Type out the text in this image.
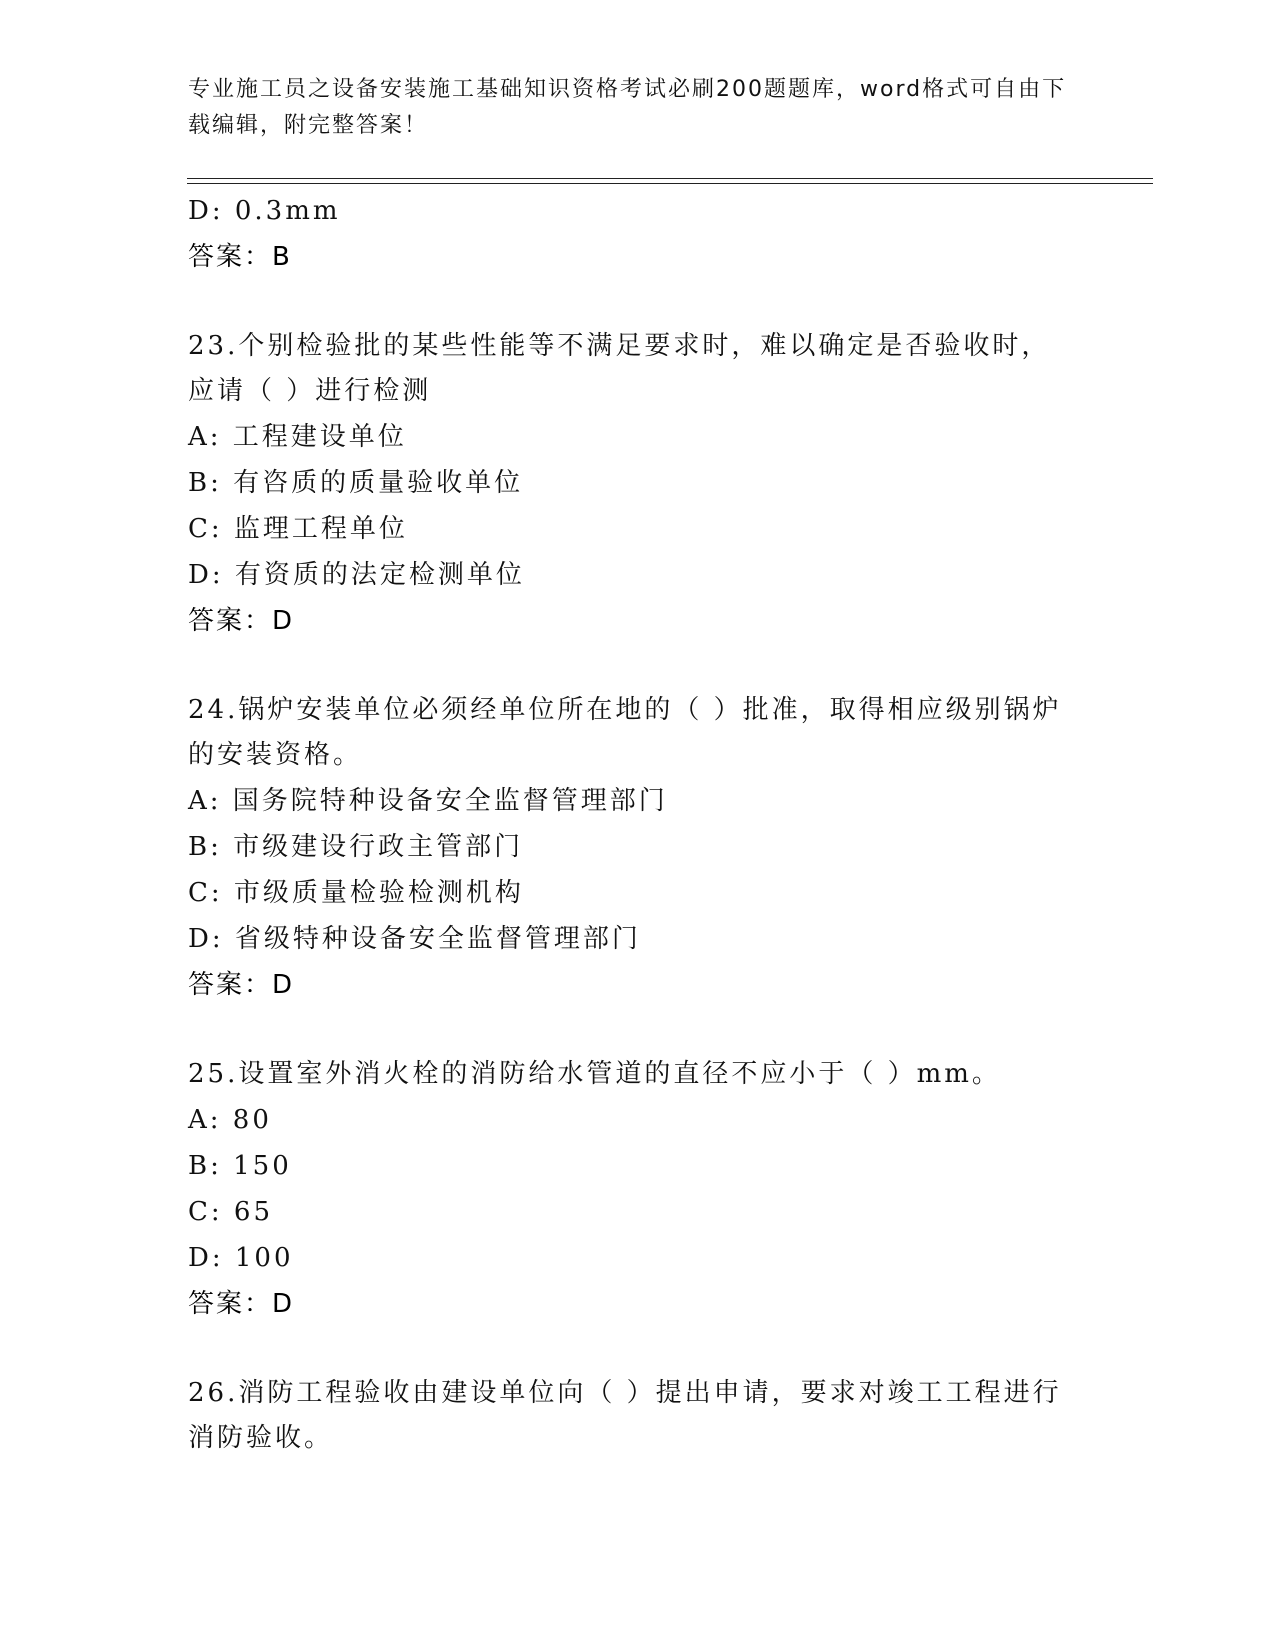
专业施工员之设备安装施工基础知识资格考试必刷200题题库，word格式可自由下载编辑，附完整答案！
D: 0.3mm
答案：B
23.个别检验批的某些性能等不满足要求时，难以确定是否验收时，应请（ ）进行检测
A: 工程建设单位
B: 有咨质的质量验收单位
C: 监理工程单位
D: 有资质的法定检测单位
答案：D
24.锅炉安装单位必须经单位所在地的（ ）批准，取得相应级别锅炉的安装资格。
A: 国务院特种设备安全监督管理部门
B: 市级建设行政主管部门
C: 市级质量检验检测机构
D: 省级特种设备安全监督管理部门
答案：D
25.设置室外消火栓的消防给水管道的直径不应小于（ ）mm。
A: 80
B: 150
C: 65
D: 100
答案：D
26.消防工程验收由建设单位向（ ）提出申请，要求对竣工工程进行消防验收。
